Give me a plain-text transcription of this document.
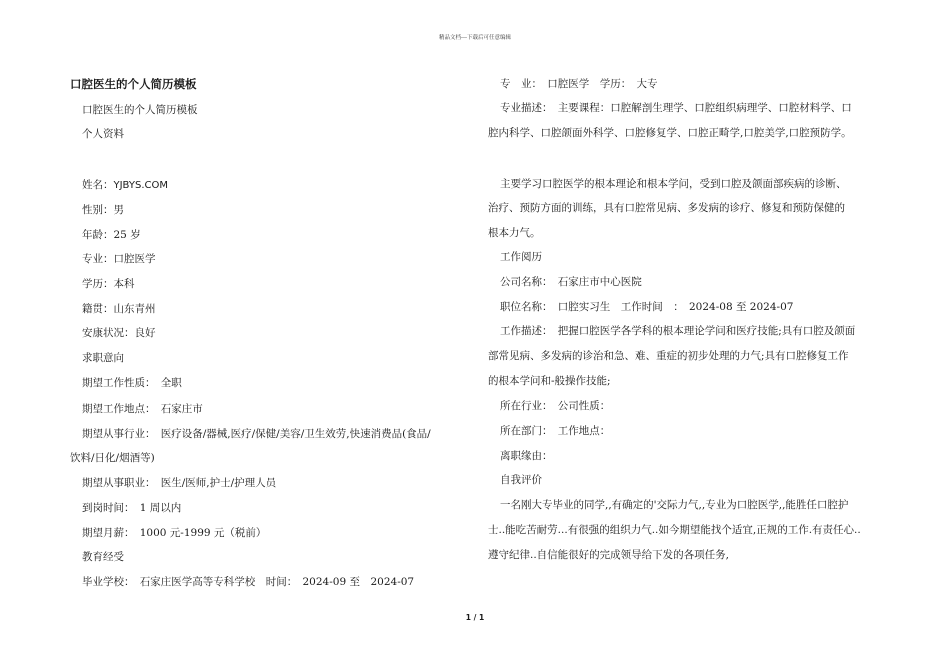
精品文档---下载后可任意编辑
口腔医生的个人简历模板
口腔医生的个人简历模板
个人资料
姓名：YJBYS.COM
性别：男
年龄：25 岁
专业：口腔医学
学历：本科
籍贯：山东青州
安康状况：良好
求职意向
期望工作性质：　全职
期望工作地点：　石家庄市
期望从事行业：　医疗设备/器械,医疗/保健/美容/卫生效劳,快速消费品(食品/
饮料/日化/烟酒等)
期望从事职业：　医生/医师,护士/护理人员
到岗时间：　1 周以内
期望月薪：　1000 元-1999 元（税前）
教育经受
毕业学校：　石家庄医学高等专科学校　时间：　2024-09 至　2024-07
专　业：　口腔医学　学历：　大专
专业描述：　主要课程：口腔解剖生理学、口腔组织病理学、口腔材料学、口
腔内科学、口腔颌面外科学、口腔修复学、口腔正畸学,口腔美学,口腔预防学。
主要学习口腔医学的根本理论和根本学问，受到口腔及颌面部疾病的诊断、
治疗、预防方面的训练，具有口腔常见病、多发病的诊疗、修复和预防保健的
根本力气。
工作阅历
公司名称：　石家庄市中心医院
职位名称：　口腔实习生　工作时间　：　2024-08 至 2024-07
工作描述：　把握口腔医学各学科的根本理论学问和医疗技能;具有口腔及颌面
部常见病、多发病的诊治和急、难、重症的初步处理的力气;具有口腔修复工作
的根本学问和-般操作技能;
所在行业：　公司性质：
所在部门：　工作地点：
离职缘由：
自我评价
一名刚大专毕业的同学,,有确定的'交际力气,,专业为口腔医学,,能胜任口腔护
士..能吃苦耐劳...有很强的组织力气..如今期望能找个适宜,正规的工作.有责任心..
遵守纪律..自信能很好的完成领导给下发的各项任务,
1 / 1
